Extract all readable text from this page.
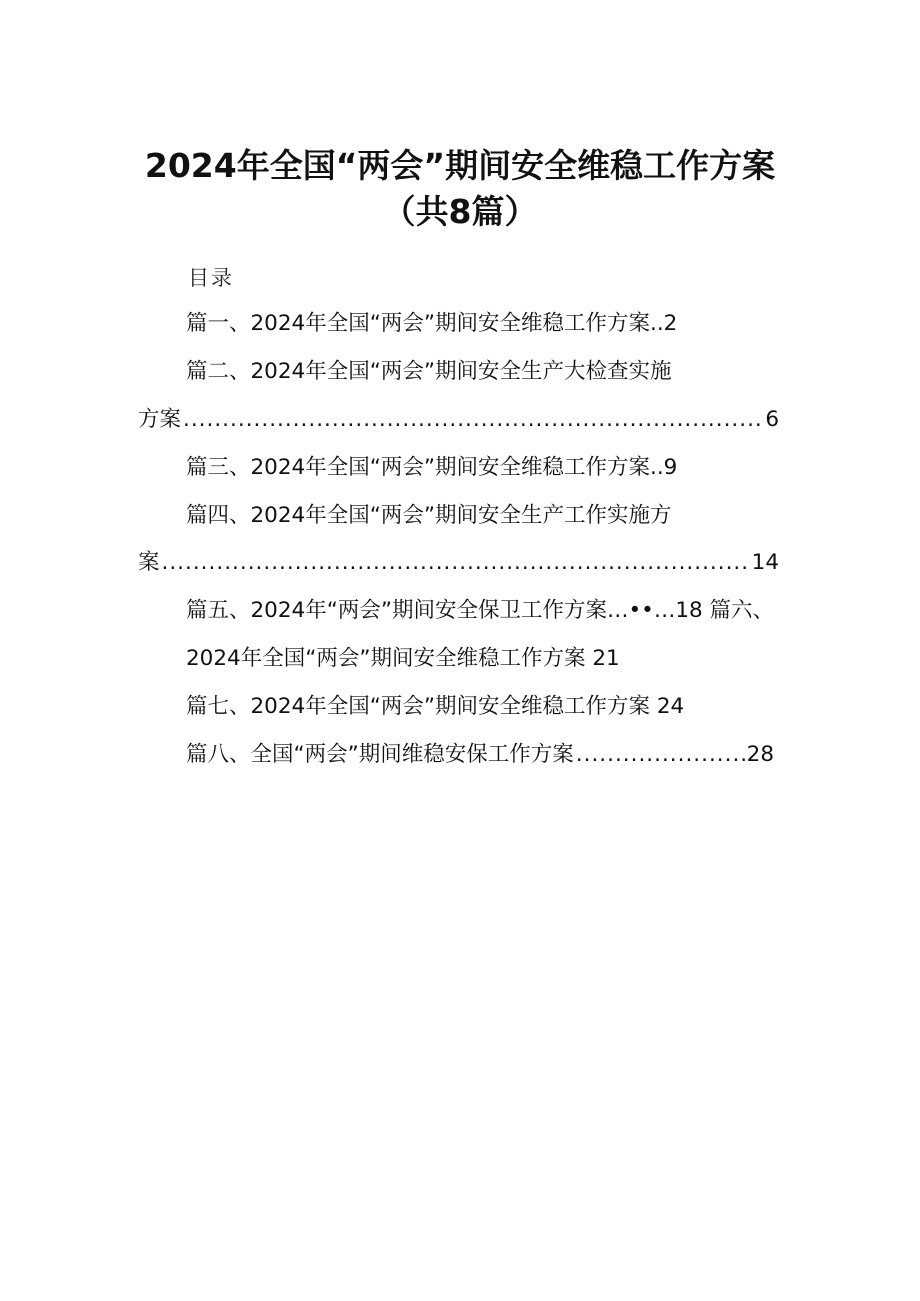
2024年全国“两会”期间安全维稳工作方案
（共8篇）
目录
篇一、2024年全国“两会”期间安全维稳工作方案..2
篇二、2024年全国“两会”期间安全生产大检查实施
方案 .....	6
篇三、2024年全国“两会”期间安全维稳工作方案..9
篇四、2024年全国“两会”期间安全生产工作实施方
案 .....	14
篇五、2024年“两会”期间安全保卫工作方案…••…18 篇六、
2024年全国“两会”期间安全维稳工作方案 21
篇七、2024年全国“两会”期间安全维稳工作方案 24
篇八、全国“两会”期间维稳安保工作方案 .....	28
